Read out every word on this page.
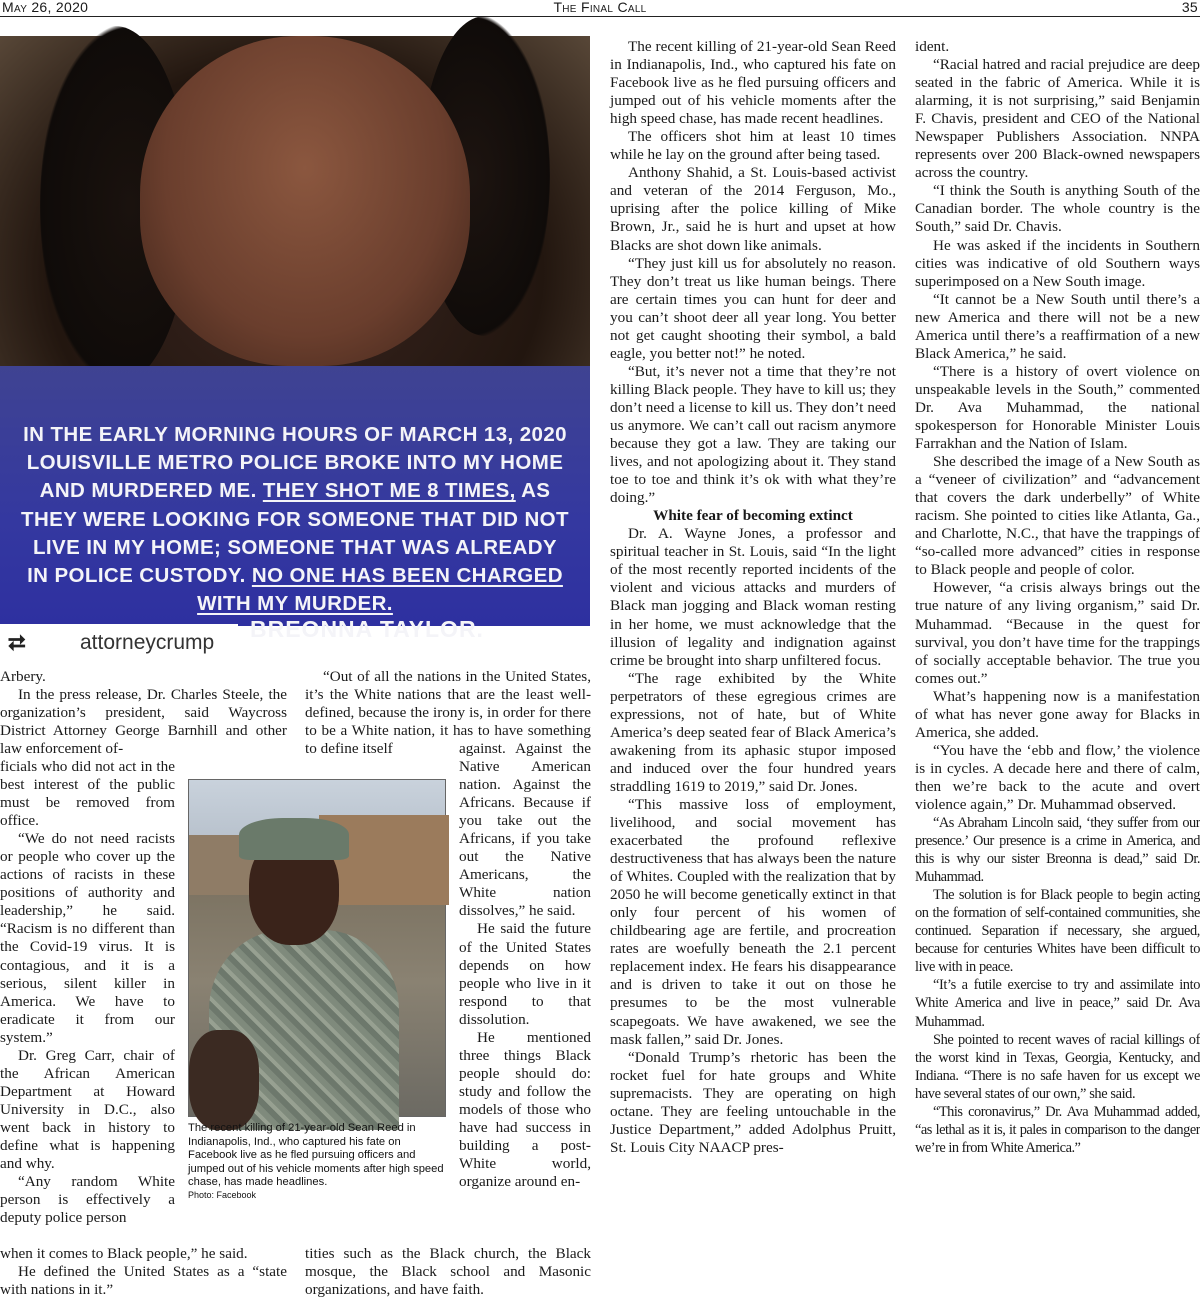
May 26, 2020	The Final Call	35
IN THE EARLY MORNING HOURS OF MARCH 13, 2020
LOUISVILLE METRO POLICE BROKE INTO MY HOME
AND MURDERED ME. THEY SHOT ME 8 TIMES, AS
THEY WERE LOOKING FOR SOMEONE THAT DID NOT
LIVE IN MY HOME; SOMEONE THAT WAS ALREADY
IN POLICE CUSTODY. NO ONE HAS BEEN CHARGED
WITH MY MURDER.
BREONNA TAYLOR.
⮂	attorneycrump

Arbery.

In the press release, Dr. Charles Steele, the organization’s president, said Waycross District Attorney George Barnhill and other law enforcement of-

ficials who did not act in the best interest of the public must be removed from office.

“We do not need racists or people who cover up the actions of racists in these positions of authority and leadership,” he said. “Racism is no different than the Covid-19 virus. It is contagious, and it is a serious, silent killer in America. We have to eradicate it from our system.”

Dr. Greg Carr, chair of the African American Department at Howard University in D.C., also went back in history to define what is happening and why.

“Any random White person is effectively a deputy police person

when it comes to Black people,” he said.

He defined the United States as a “state with nations in it.”

“Out of all the nations in the United States, it’s the White nations that are the least well-defined, because the irony is, in order for there to be a White nation, it has to have something to define itself	against. Against the Native American nation. Against the Africans. Because if you take out the Africans, if you take out the Native Americans, the White nation dissolves,” he said.

He said the future of the United States depends on how people who live in it respond to that dissolution.

He mentioned three things Black people should do: study and follow the models of those who have had success in building a post-White world, organize around en-

tities such as the Black church, the Black mosque, the Black school and Masonic organizations, and have faith.

The recent killing of 21-year-old Sean Reed in Indianapolis, Ind., who captured his fate on Facebook live as he fled pursuing officers and jumped out of his vehicle moments after high speed chase, has made headlines.
Photo: Facebook

The recent killing of 21-year-old Sean Reed in Indianapolis, Ind., who captured his fate on Facebook live as he fled pursuing officers and jumped out of his vehicle moments after the high speed chase, has made recent headlines.

The officers shot him at least 10 times while he lay on the ground after being tased.

Anthony Shahid, a St. Louis-based activist and veteran of the 2014 Ferguson, Mo., uprising after the police killing of Mike Brown, Jr., said he is hurt and upset at how Blacks are shot down like animals.

“They just kill us for absolutely no reason. They don’t treat us like human beings. There are certain times you can hunt for deer and you can’t shoot deer all year long. You better not get caught shooting their symbol, a bald eagle, you better not!” he noted.

“But, it’s never not a time that they’re not killing Black people. They have to kill us; they don’t need a license to kill us. They don’t need us anymore. We can’t call out racism anymore because they got a law. They are taking our lives, and not apologizing about it. They stand toe to toe and think it’s ok with what they’re doing.”

White fear of becoming extinct

Dr. A. Wayne Jones, a professor and spiritual teacher in St. Louis, said “In the light of the most recently reported incidents of the violent and vicious attacks and murders of Black man jogging and Black woman resting in her home, we must acknowledge that the illusion of legality and indignation against crime be brought into sharp unfiltered focus.

“The rage exhibited by the White perpetrators of these egregious crimes are expressions, not of hate, but of White America’s deep seated fear of Black America’s awakening from its aphasic stupor imposed and induced over the four hundred years straddling 1619 to 2019,” said Dr. Jones.

“This massive loss of employment, livelihood, and social movement has exacerbated the profound reflexive destructiveness that has always been the nature of Whites. Coupled with the realization that by 2050 he will become genetically extinct in that only four percent of his women of childbearing age are fertile, and procreation rates are woefully beneath the 2.1 percent replacement index. He fears his disappearance and is driven to take it out on those he presumes to be the most vulnerable scapegoats. We have awakened, we see the mask fallen,” said Dr. Jones.

“Donald Trump’s rhetoric has been the rocket fuel for hate groups and White supremacists. They are operating on high octane. They are feeling untouchable in the Justice Department,” added Adolphus Pruitt, St. Louis City NAACP pres-

ident.

“Racial hatred and racial prejudice are deep seated in the fabric of America. While it is alarming, it is not surprising,” said Benjamin F. Chavis, president and CEO of the National Newspaper Publishers Association. NNPA represents over 200 Black-owned newspapers across the country.

“I think the South is anything South of the Canadian border. The whole country is the South,” said Dr. Chavis.

He was asked if the incidents in Southern cities was indicative of old Southern ways superimposed on a New South image.

“It cannot be a New South until there’s a new America and there will not be a new America until there’s a reaffirmation of a new Black America,” he said.

“There is a history of overt violence on unspeakable levels in the South,” commented Dr. Ava Muhammad, the national spokesperson for Honorable Minister Louis Farrakhan and the Nation of Islam.

She described the image of a New South as a “veneer of civilization” and “advancement that covers the dark underbelly” of White racism. She pointed to cities like Atlanta, Ga., and Charlotte, N.C., that have the trappings of “so-called more advanced” cities in response to Black people and people of color.

However, “a crisis always brings out the true nature of any living organism,” said Dr. Muhammad. “Because in the quest for survival, you don’t have time for the trappings of socially acceptable behavior. The true you comes out.”

What’s happening now is a manifestation of what has never gone away for Blacks in America, she added.

“You have the ‘ebb and flow,’ the violence is in cycles. A decade here and there of calm, then we’re back to the acute and overt violence again,” Dr. Muhammad observed.

“As Abraham Lincoln said, ‘they suffer from our presence.’ Our presence is a crime in America, and this is why our sister Breonna is dead,” said Dr. Muhammad.

The solution is for Black people to begin acting on the formation of self-contained communities, she continued. Separation if necessary, she argued, because for centuries Whites have been difficult to live with in peace.

“It’s a futile exercise to try and assimilate into White America and live in peace,” said Dr. Ava Muhammad.

She pointed to recent waves of racial killings of the worst kind in Texas, Georgia, Kentucky, and Indiana. “There is no safe haven for us except we have several states of our own,” she said.

“This coronavirus,” Dr. Ava Muhammad added, “as lethal as it is, it pales in comparison to the danger we’re in from White America.”
